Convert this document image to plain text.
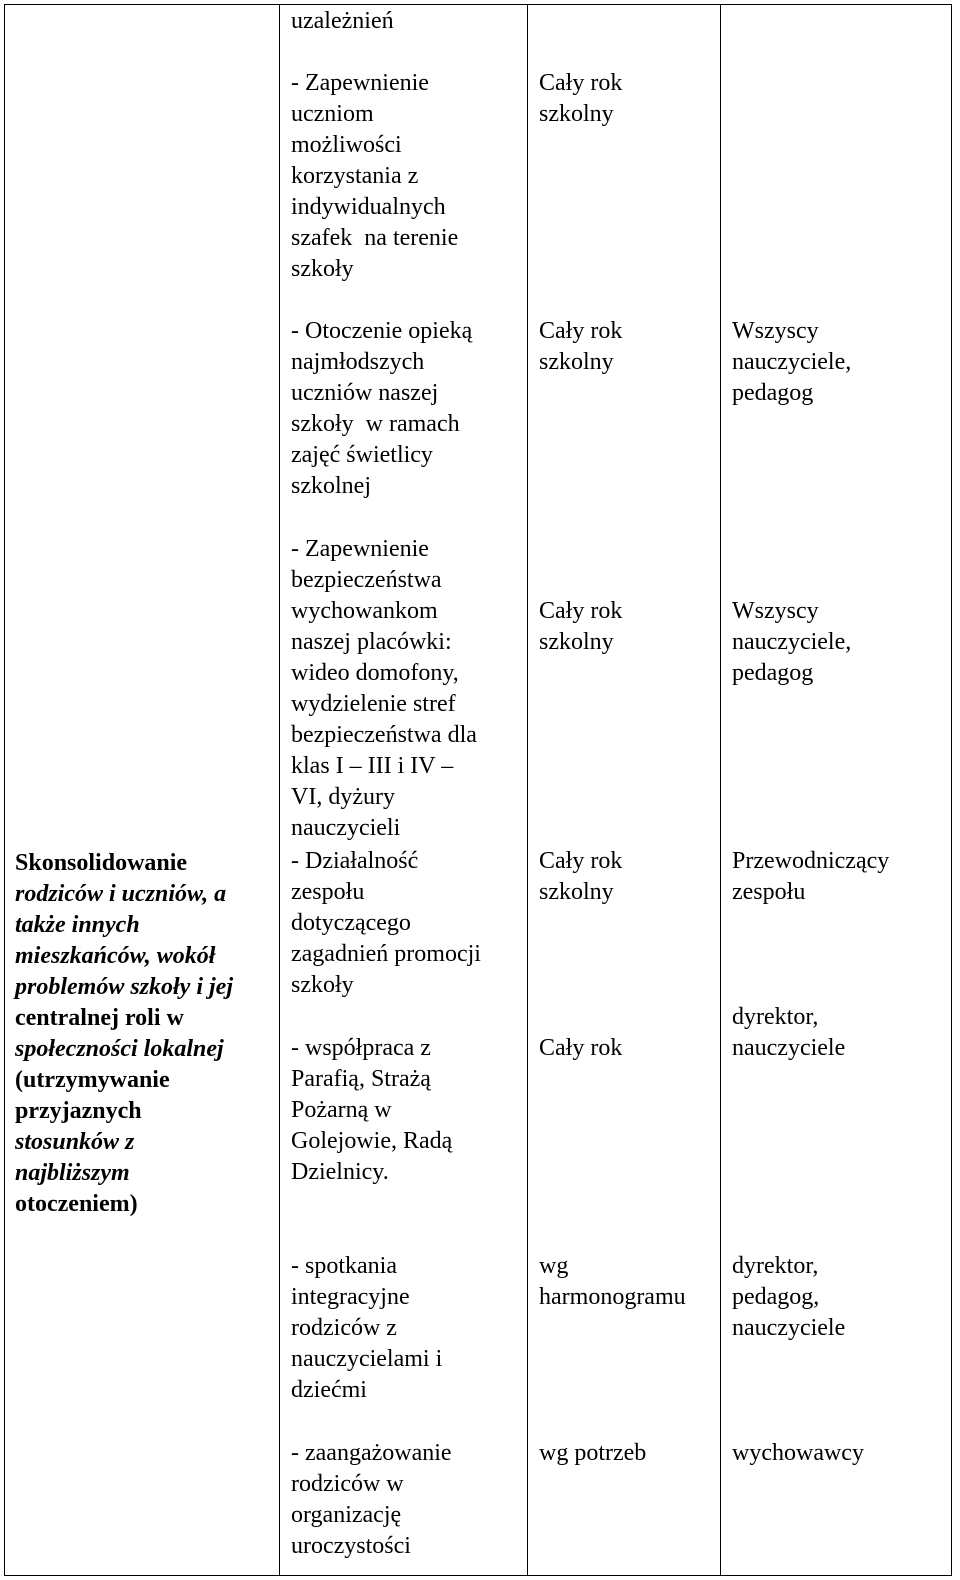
Skonsolidowanie
rodziców i uczniów, a
także innych
mieszkańców, wokół
problemów szkoły i jej
centralnej roli w
społeczności lokalnej
(utrzymywanie
przyjaznych
stosunków z
najbliższym
otoczeniem)
uzależnień
- Zapewnienie
uczniom
możliwości
korzystania z
indywidualnych
szafek  na terenie
szkoły
Cały rok
szkolny
- Otoczenie opieką
najmłodszych
uczniów naszej
szkoły  w ramach
zajęć świetlicy
szkolnej
Cały rok
szkolny
Wszyscy
nauczyciele,
pedagog
- Zapewnienie
bezpieczeństwa
wychowankom
naszej placówki:
wideo domofony,
wydzielenie stref
bezpieczeństwa dla
klas I – III i IV –
VI, dyżury
nauczycieli
Cały rok
szkolny
Wszyscy
nauczyciele,
pedagog
- Działalność
zespołu
dotyczącego
zagadnień promocji
szkoły
Cały rok
szkolny
Przewodniczący
zespołu
- współpraca z
Parafią, Strażą
Pożarną w
Golejowie, Radą
Dzielnicy.
Cały rok
dyrektor,
nauczyciele
- spotkania
integracyjne
rodziców z
nauczycielami i
dziećmi
wg
harmonogramu
dyrektor,
pedagog,
nauczyciele
- zaangażowanie
rodziców w
organizację
uroczystości
wg potrzeb	wychowawcy
